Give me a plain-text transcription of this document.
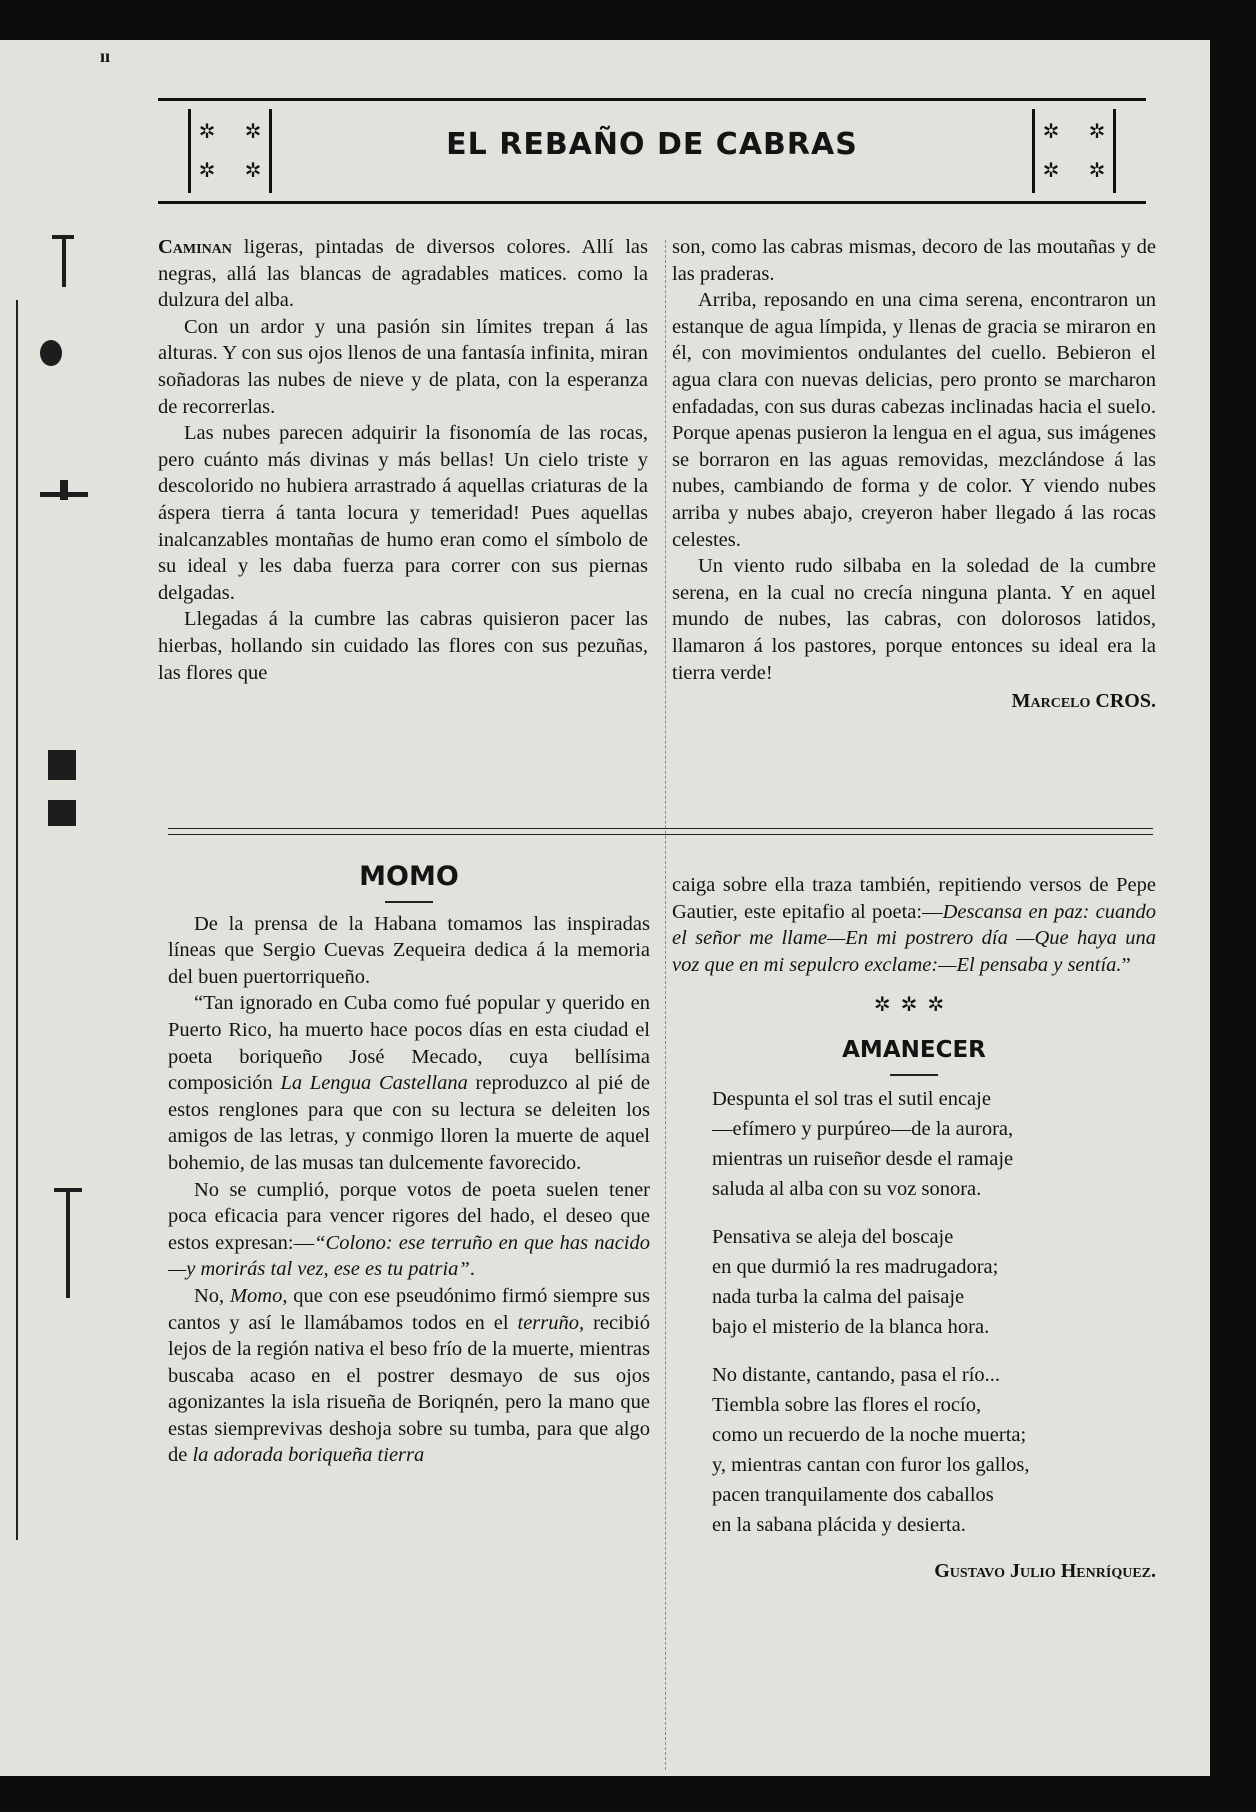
ıı
✲ ✲
✲ ✲
EL REBAÑO DE CABRAS	✲ ✲
✲ ✲

Caminan ligeras, pintadas de diversos colores. Allí las negras, allá las blancas de agradables matices. como la dulzura del alba.

Con un ardor y una pasión sin límites trepan á las alturas. Y con sus ojos llenos de una fantasía infinita, miran soñadoras las nubes de nieve y de plata, con la esperanza de recorrerlas.

Las nubes parecen adquirir la fisonomía de las rocas, pero cuánto más divinas y más bellas! Un cielo triste y descolorido no hubiera arrastrado á aquellas criaturas de la áspera tierra á tanta locura y temeridad! Pues aquellas inalcanzables montañas de humo eran como el símbolo de su ideal y les daba fuerza para correr con sus piernas delgadas.

Llegadas á la cumbre las cabras quisieron pacer las hierbas, hollando sin cuidado las flores con sus pezuñas, las flores que

son, como las cabras mismas, decoro de las moutañas y de las praderas.

Arriba, reposando en una cima serena, encontraron un estanque de agua límpida, y llenas de gracia se miraron en él, con movimientos ondulantes del cuello. Bebieron el agua clara con nuevas delicias, pero pronto se marcharon enfadadas, con sus duras cabezas inclinadas hacia el suelo. Porque apenas pusieron la lengua en el agua, sus imágenes se borraron en las aguas removidas, mezclándose á las nubes, cambiando de forma y de color. Y viendo nubes arriba y nubes abajo, creyeron haber llegado á las rocas celestes.

Un viento rudo silbaba en la soledad de la cumbre serena, en la cual no crecía ninguna planta. Y en aquel mundo de nubes, las cabras, con dolorosos latidos, llamaron á los pastores, porque entonces su ideal era la tierra verde!

Marcelo CROS.
MOMO

De la prensa de la Habana tomamos las inspiradas líneas que Sergio Cuevas Zequeira dedica á la memoria del buen puertorriqueño.

“Tan ignorado en Cuba como fué popular y querido en Puerto Rico, ha muerto hace pocos días en esta ciudad el poeta boriqueño José Mecado, cuya bellísima composición La Lengua Castellana reproduzco al pié de estos renglones para que con su lectura se deleiten los amigos de las letras, y conmigo lloren la muerte de aquel bohemio, de las musas tan dulcemente favorecido.

No se cumplió, porque votos de poeta suelen tener poca eficacia para vencer rigores del hado, el deseo que estos expresan:—“Colono: ese terruño en que has nacido—y morirás tal vez, ese es tu patria”.

No, Momo, que con ese pseudónimo firmó siempre sus cantos y así le llamábamos todos en el terruño, recibió lejos de la región nativa el beso frío de la muerte, mientras buscaba acaso en el postrer desmayo de sus ojos agonizantes la isla risueña de Boriqnén, pero la mano que estas siemprevivas deshoja sobre su tumba, para que algo de la adorada boriqueña tierra

caiga sobre ella traza también, repitiendo versos de Pepe Gautier, este epitafio al poeta:—Descansa en paz: cuando el señor me llame—En mi postrero día —Que haya una voz que en mi sepulcro exclame:—El pensaba y sentía.”

✲✲✲
AMANECER
Despunta el sol tras el sutil encaje
—efímero y purpúreo—de la aurora,
mientras un ruiseñor desde el ramaje
saluda al alba con su voz sonora.
Pensativa se aleja del boscaje
en que durmió la res madrugadora;
nada turba la calma del paisaje
bajo el misterio de la blanca hora.
No distante, cantando, pasa el río...
Tiembla sobre las flores el rocío,
como un recuerdo de la noche muerta;
y, mientras cantan con furor los gallos,
pacen tranquilamente dos caballos
en la sabana plácida y desierta.
Gustavo Julio Henríquez.
